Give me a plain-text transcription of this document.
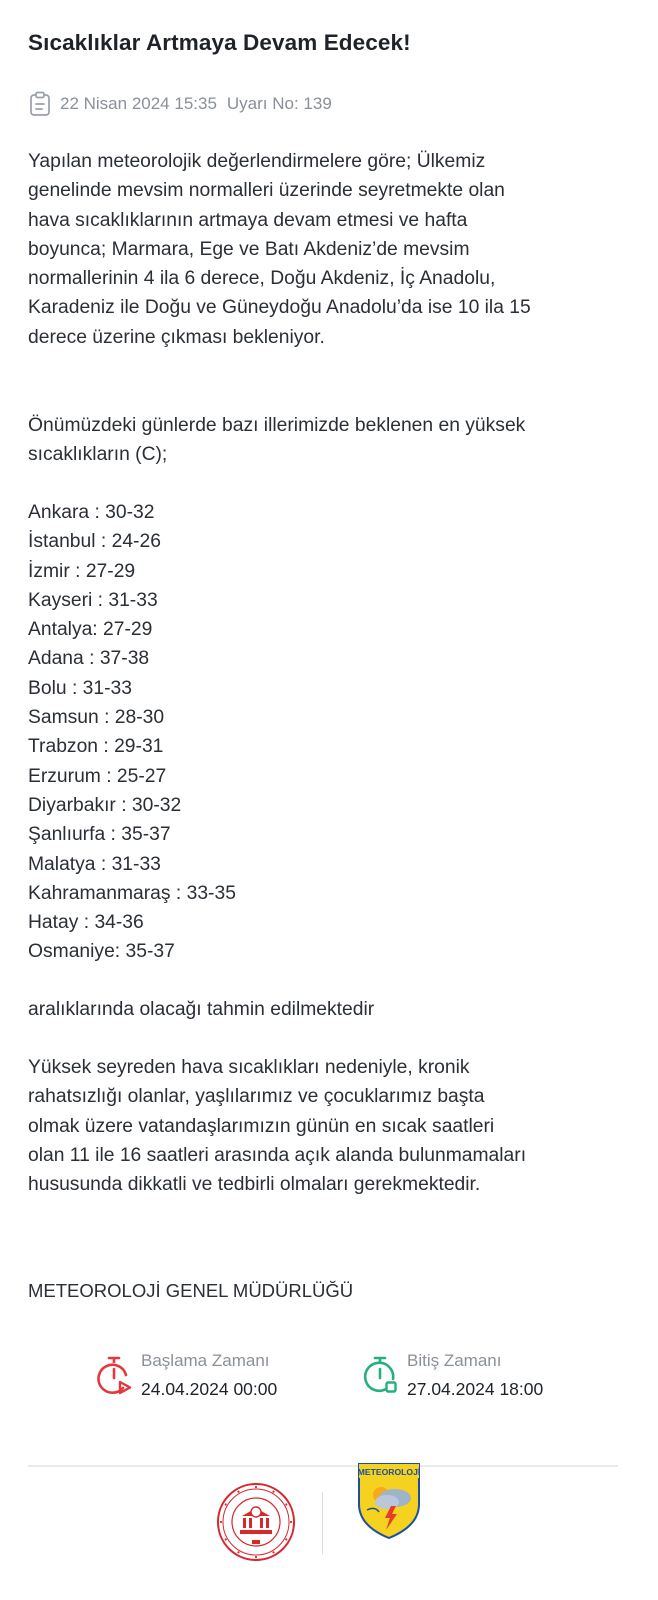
Sıcaklıklar Artmaya Devam Edecek!
22 Nisan 2024 15:35 Uyarı No: 139
Yapılan meteorolojik değerlendirmelere göre; Ülkemiz
genelinde mevsim normalleri üzerinde seyretmekte olan
hava sıcaklıklarının artmaya devam etmesi ve hafta
boyunca; Marmara, Ege ve Batı Akdeniz’de mevsim
normallerinin 4 ila 6 derece, Doğu Akdeniz, İç Anadolu,
Karadeniz ile Doğu ve Güneydoğu Anadolu’da ise 10 ila 15
derece üzerine çıkması bekleniyor.
Önümüzdeki günlerde bazı illerimizde beklenen en yüksek
sıcaklıkların (C);
Ankara : 30-32
İstanbul : 24-26
İzmir : 27-29
Kayseri : 31-33
Antalya: 27-29
Adana : 37-38
Bolu : 31-33
Samsun : 28-30
Trabzon : 29-31
Erzurum : 25-27
Diyarbakır : 30-32
Şanlıurfa : 35-37
Malatya : 31-33
Kahramanmaraş : 33-35
Hatay : 34-36
Osmaniye: 35-37
aralıklarında olacağı tahmin edilmektedir
Yüksek seyreden hava sıcaklıkları nedeniyle, kronik
rahatsızlığı olanlar, yaşlılarımız ve çocuklarımız başta
olmak üzere vatandaşlarımızın günün en sıcak saatleri
olan 11 ile 16 saatleri arasında açık alanda bulunmamaları
hususunda dikkatli ve tedbirli olmaları gerekmektedir.
METEOROLOJİ GENEL MÜDÜRLÜĞÜ
Başlama Zamanı
24.04.2024 00:00
Bitiş Zamanı
27.04.2024 18:00
METEOROLOJİ
